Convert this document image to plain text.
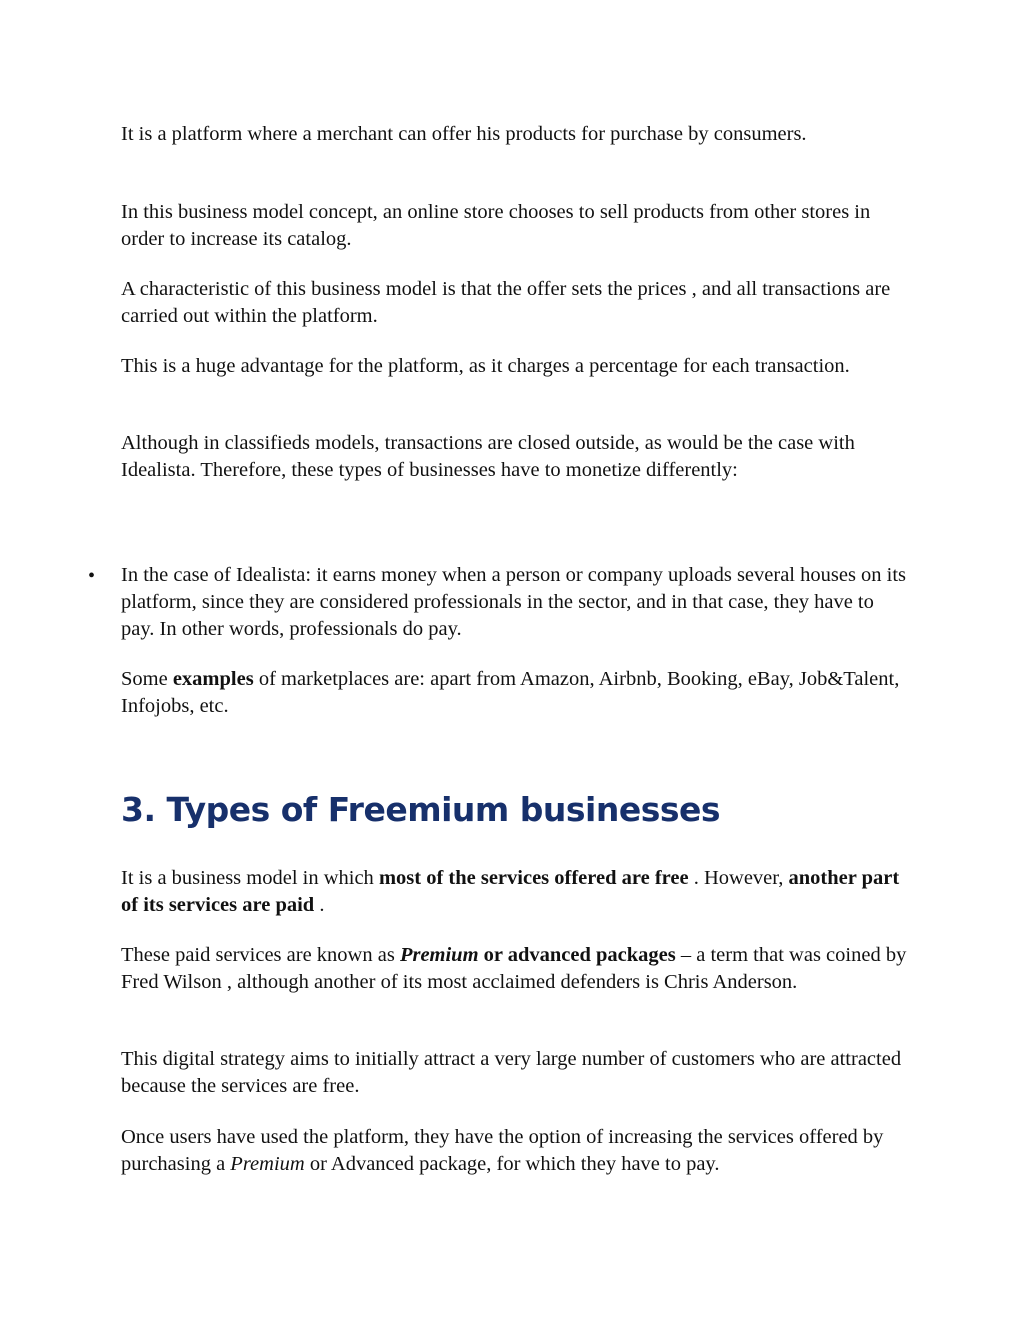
It is a platform where a merchant can offer his products for purchase by consumers.

In this business model concept, an online store chooses to sell products from other stores in order to increase its catalog.

A characteristic of this business model is that the offer sets the prices , and all transactions are carried out within the platform.

This is a huge advantage for the platform, as it charges a percentage for each transaction.

Although in classifieds models, transactions are closed outside, as would be the case with Idealista. Therefore, these types of businesses have to monetize differently:

• In the case of Idealista: it earns money when a person or company uploads several houses on its platform, since they are considered professionals in the sector, and in that case, they have to pay. In other words, professionals do pay.

Some examples of marketplaces are: apart from Amazon, Airbnb, Booking, eBay, Job&Talent, Infojobs, etc.

3. Types of Freemium businesses

It is a business model in which most of the services offered are free . However, another part of its services are paid .

These paid services are known as Premium or advanced packages – a term that was coined by Fred Wilson , although another of its most acclaimed defenders is Chris Anderson.

This digital strategy aims to initially attract a very large number of customers who are attracted because the services are free.

Once users have used the platform, they have the option of increasing the services offered by purchasing a Premium or Advanced package, for which they have to pay.
